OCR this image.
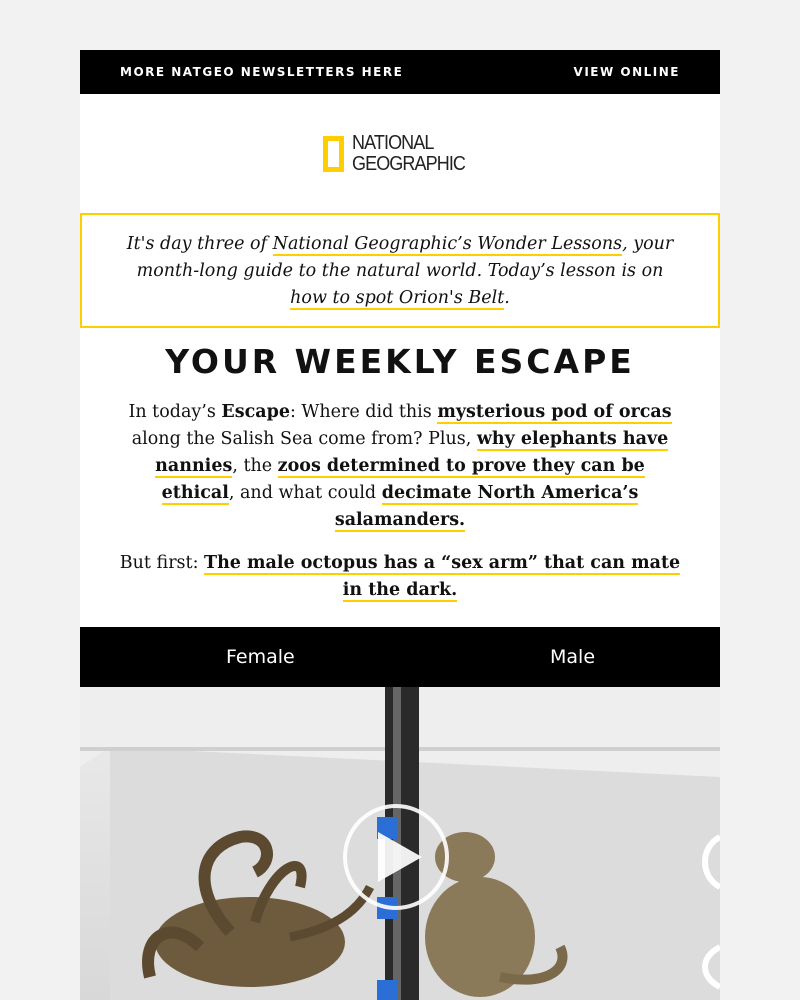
MORE NATGEO NEWSLETTERS HERE	VIEW ONLINE
NATIONAL
GEOGRAPHIC
It's day three of National Geographic’s Wonder Lessons, your month-long guide to the natural world. Today’s lesson is on how to spot Orion's Belt.
YOUR WEEKLY ESCAPE

In today’s Escape: Where did this mysterious pod of orcas along the Salish Sea come from? Plus, why elephants have nannies, the zoos determined to prove they can be ethical, and what could decimate North America’s salamanders.

But first: The male octopus has a “sex arm” that can mate in the dark.

Female	Male
